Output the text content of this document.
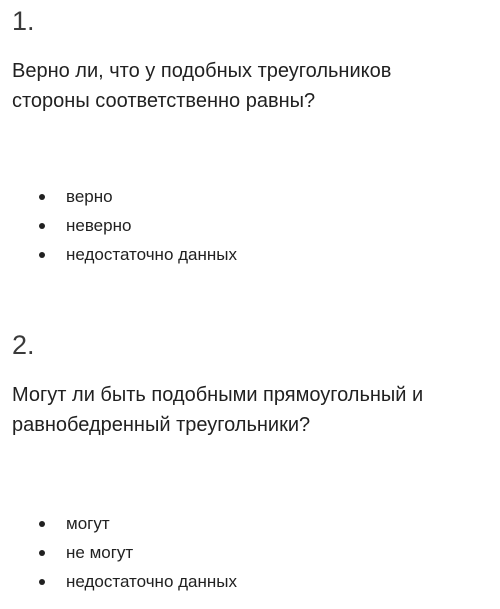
1.
Верно ли, что у подобных треугольников
стороны соответственно равны?
верно
неверно
недостаточно данных
2.
Могут ли быть подобными прямоугольный и
равнобедренный треугольники?
могут
не могут
недостаточно данных
